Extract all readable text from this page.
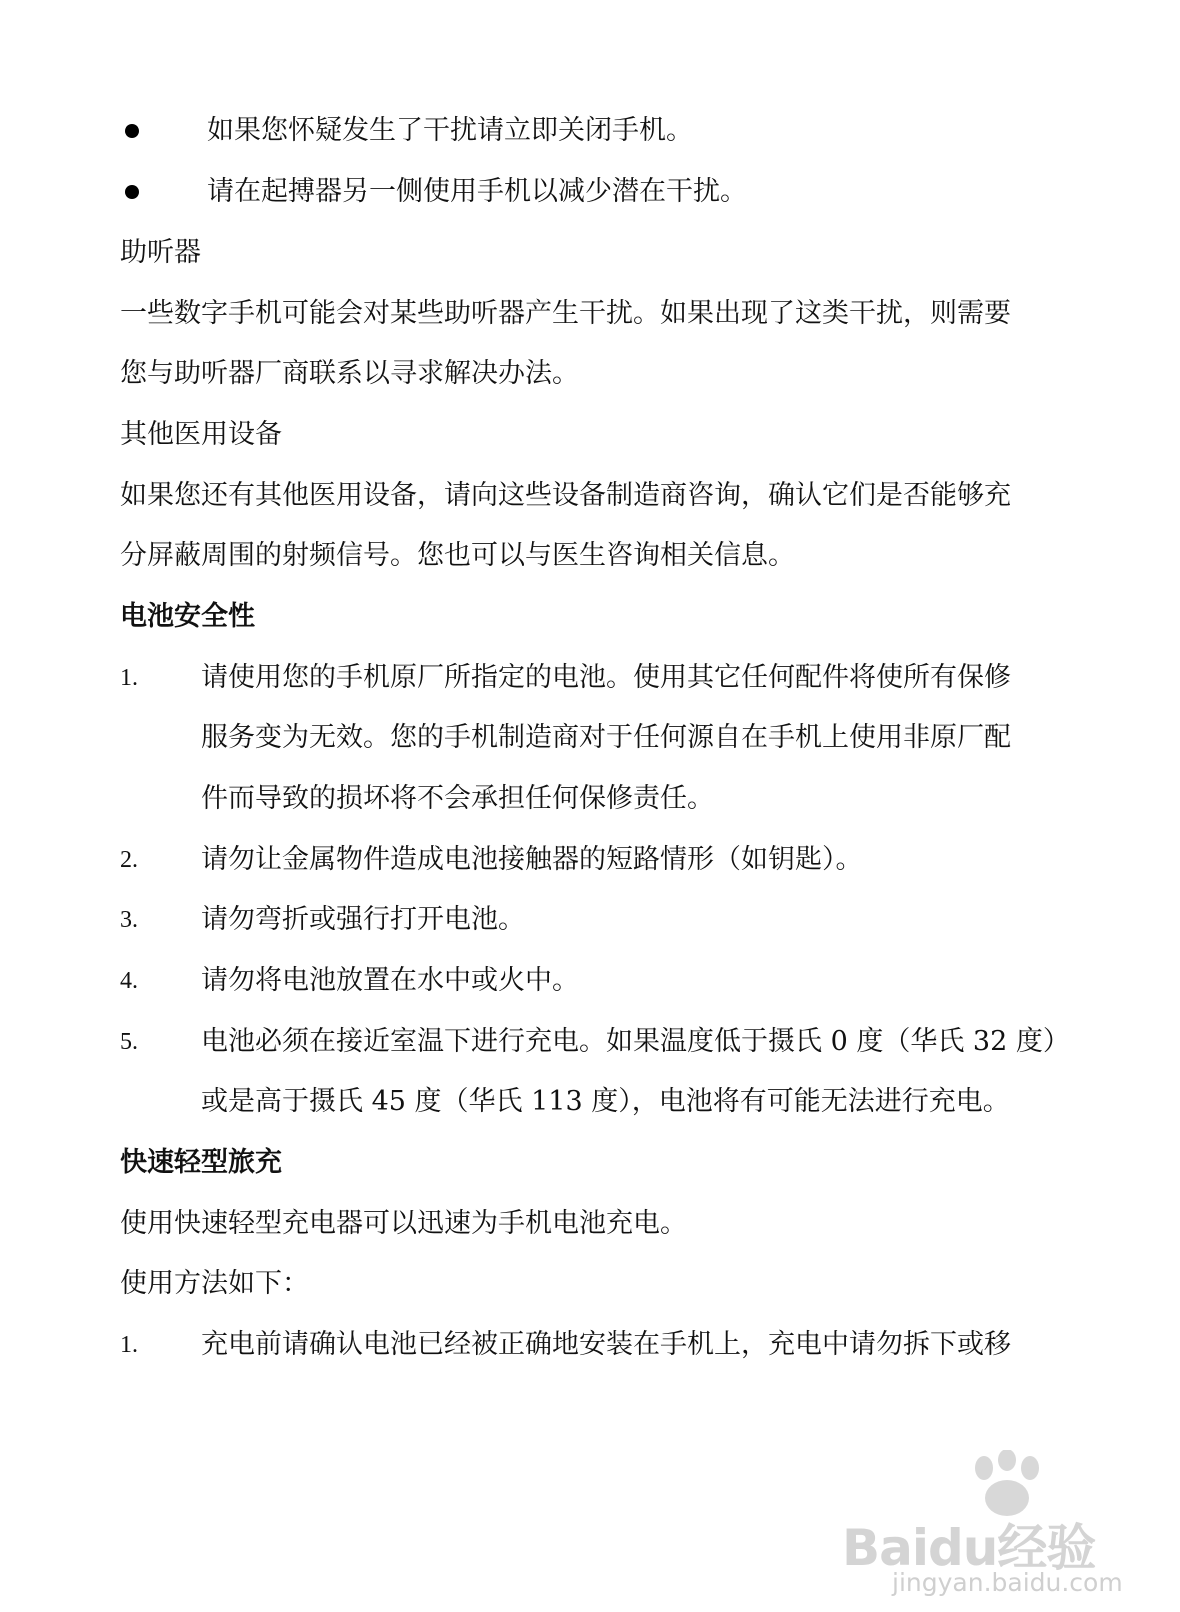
如果您怀疑发生了干扰请立即关闭手机。
请在起搏器另一侧使用手机以减少潜在干扰。
助听器
一些数字手机可能会对某些助听器产生干扰。如果出现了这类干扰，则需要
您与助听器厂商联系以寻求解决办法。
其他医用设备
如果您还有其他医用设备，请向这些设备制造商咨询，确认它们是否能够充
分屏蔽周围的射频信号。您也可以与医生咨询相关信息。
电池安全性
1. 请使用您的手机原厂所指定的电池。使用其它任何配件将使所有保修
服务变为无效。您的手机制造商对于任何源自在手机上使用非原厂配
件而导致的损坏将不会承担任何保修责任。
2. 请勿让金属物件造成电池接触器的短路情形（如钥匙）。
3. 请勿弯折或强行打开电池。
4. 请勿将电池放置在水中或火中。
5. 电池必须在接近室温下进行充电。如果温度低于摄氏 0 度（华氏 32 度）
或是高于摄氏 45 度（华氏 113 度），电池将有可能无法进行充电。
快速轻型旅充
使用快速轻型充电器可以迅速为手机电池充电。
使用方法如下：
1. 充电前请确认电池已经被正确地安装在手机上，充电中请勿拆下或移
Baidu经验
jingyan.baidu.com
